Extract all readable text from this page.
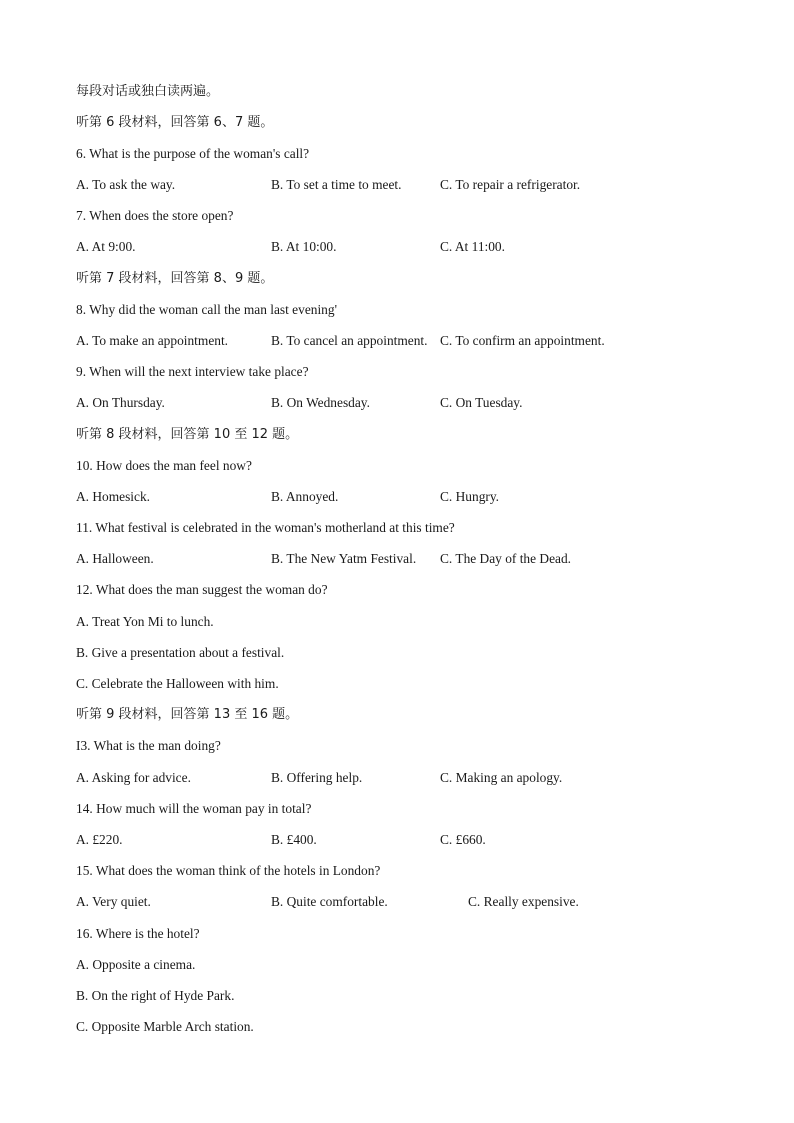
每段对话或独白读两遍。
听第 6 段材料，回答第 6、7 题。
6. What is the purpose of the woman's call?
A. To ask the way.	B. To set a time to meet.	C. To repair a refrigerator.
7. When does the store open?
A. At 9:00.	B. At 10:00.	C. At 11:00.
听第 7 段材料，回答第 8、9 题。
8. Why did the woman call the man last evening'
A. To make an appointment.	B. To cancel an appointment. C. To confirm an appointment.
9. When will the next interview take place?
A. On Thursday.	B. On Wednesday.	C. On Tuesday.
听第 8 段材料，回答第 10 至 12 题。
10. How does the man feel now?
A. Homesick.	B. Annoyed.	C. Hungry.
11. What festival is celebrated in the woman's motherland at this time?
A. Halloween.	B. The New Yatm Festival. C. The Day of the Dead.
12. What does the man suggest the woman do?
A. Treat Yon Mi to lunch.
B. Give a presentation about a festival.
C. Celebrate the Halloween with him.
听第 9 段材料，回答第 13 至 16 题。
I3. What is the man doing?
A. Asking for advice.	B. Offering help.	C. Making an apology.
14. How much will the woman pay in total?
A. £220.	B. £400.	C. £660.
15. What does the woman think of the hotels in London?
A. Very quiet.	B. Quite comfortable.	C. Really expensive.
16. Where is the hotel?
A. Opposite a cinema.
B. On the right of Hyde Park.
C. Opposite Marble Arch station.
